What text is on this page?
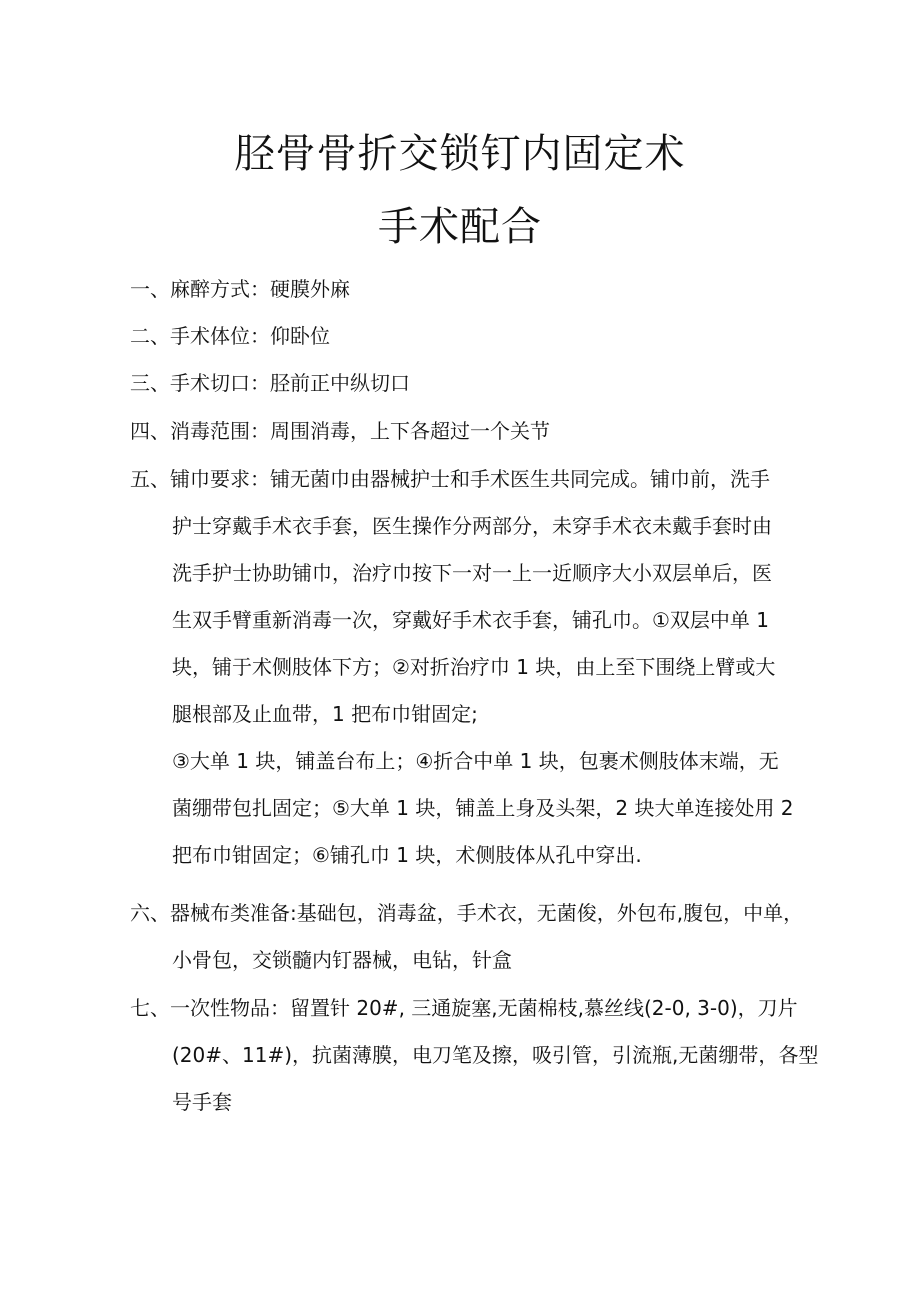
胫骨骨折交锁钉内固定术
手术配合
一、麻醉方式：硬膜外麻
二、手术体位：仰卧位
三、手术切口：胫前正中纵切口
四、消毒范围：周围消毒，上下各超过一个关节
五、铺巾要求：铺无菌巾由器械护士和手术医生共同完成。铺巾前，洗手
护士穿戴手术衣手套，医生操作分两部分，未穿手术衣未戴手套时由
洗手护士协助铺巾，治疗巾按下一对一上一近顺序大小双层单后，医
生双手臂重新消毒一次，穿戴好手术衣手套，铺孔巾。①双层中单 1
块，铺于术侧肢体下方；②对折治疗巾 1 块，由上至下围绕上臂或大
腿根部及止血带，1 把布巾钳固定;
③大单 1 块，铺盖台布上；④折合中单 1 块，包裹术侧肢体末端，无
菌绷带包扎固定；⑤大单 1 块，铺盖上身及头架，2 块大单连接处用 2
把布巾钳固定；⑥铺孔巾 1 块，术侧肢体从孔中穿出.
六、器械布类准备:基础包，消毒盆，手术衣，无菌俊，外包布,腹包，中单，
小骨包，交锁髓内钉器械，电钻，针盒
七、一次性物品：留置针 20#, 三通旋塞,无菌棉枝,慕丝线(2-0, 3-0)，刀片
(20#、11#)，抗菌薄膜，电刀笔及擦，吸引管，引流瓶,无菌绷带，各型
号手套
